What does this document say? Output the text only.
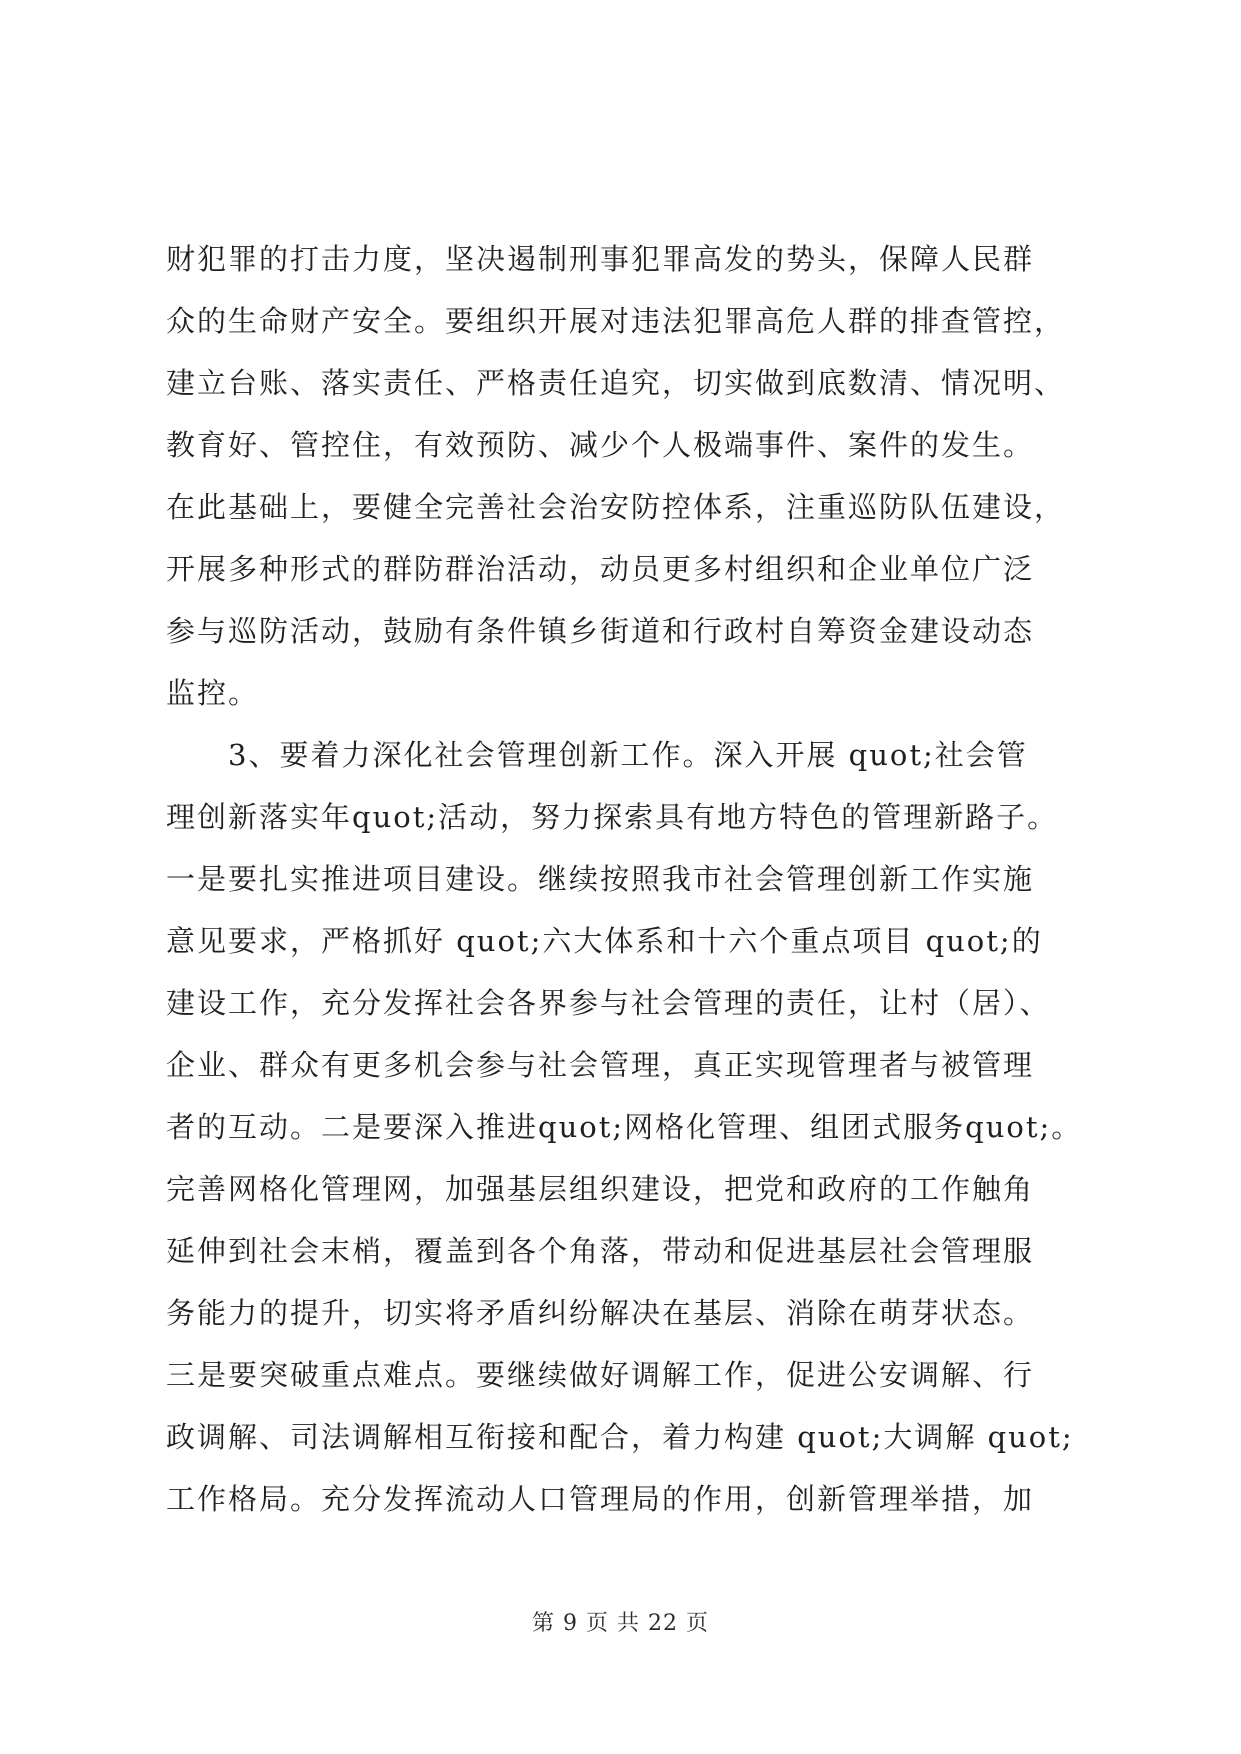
财犯罪的打击力度，坚决遏制刑事犯罪高发的势头，保障人民群
众的生命财产安全。要组织开展对违法犯罪高危人群的排查管控，
建立台账、落实责任、严格责任追究，切实做到底数清、情况明、
教育好、管控住，有效预防、减少个人极端事件、案件的发生。
在此基础上，要健全完善社会治安防控体系，注重巡防队伍建设，
开展多种形式的群防群治活动，动员更多村组织和企业单位广泛
参与巡防活动，鼓励有条件镇乡街道和行政村自筹资金建设动态
监控。
　　3、要着力深化社会管理创新工作。深入开展 quot;社会管
理创新落实年quot;活动，努力探索具有地方特色的管理新路子。
一是要扎实推进项目建设。继续按照我市社会管理创新工作实施
意见要求，严格抓好 quot;六大体系和十六个重点项目 quot;的
建设工作，充分发挥社会各界参与社会管理的责任，让村（居）、
企业、群众有更多机会参与社会管理，真正实现管理者与被管理
者的互动。二是要深入推进quot;网格化管理、组团式服务quot;。
完善网格化管理网，加强基层组织建设，把党和政府的工作触角
延伸到社会末梢，覆盖到各个角落，带动和促进基层社会管理服
务能力的提升，切实将矛盾纠纷解决在基层、消除在萌芽状态。
三是要突破重点难点。要继续做好调解工作，促进公安调解、行
政调解、司法调解相互衔接和配合，着力构建 quot;大调解 quot;
工作格局。充分发挥流动人口管理局的作用，创新管理举措，加
第 9 页 共 22 页
